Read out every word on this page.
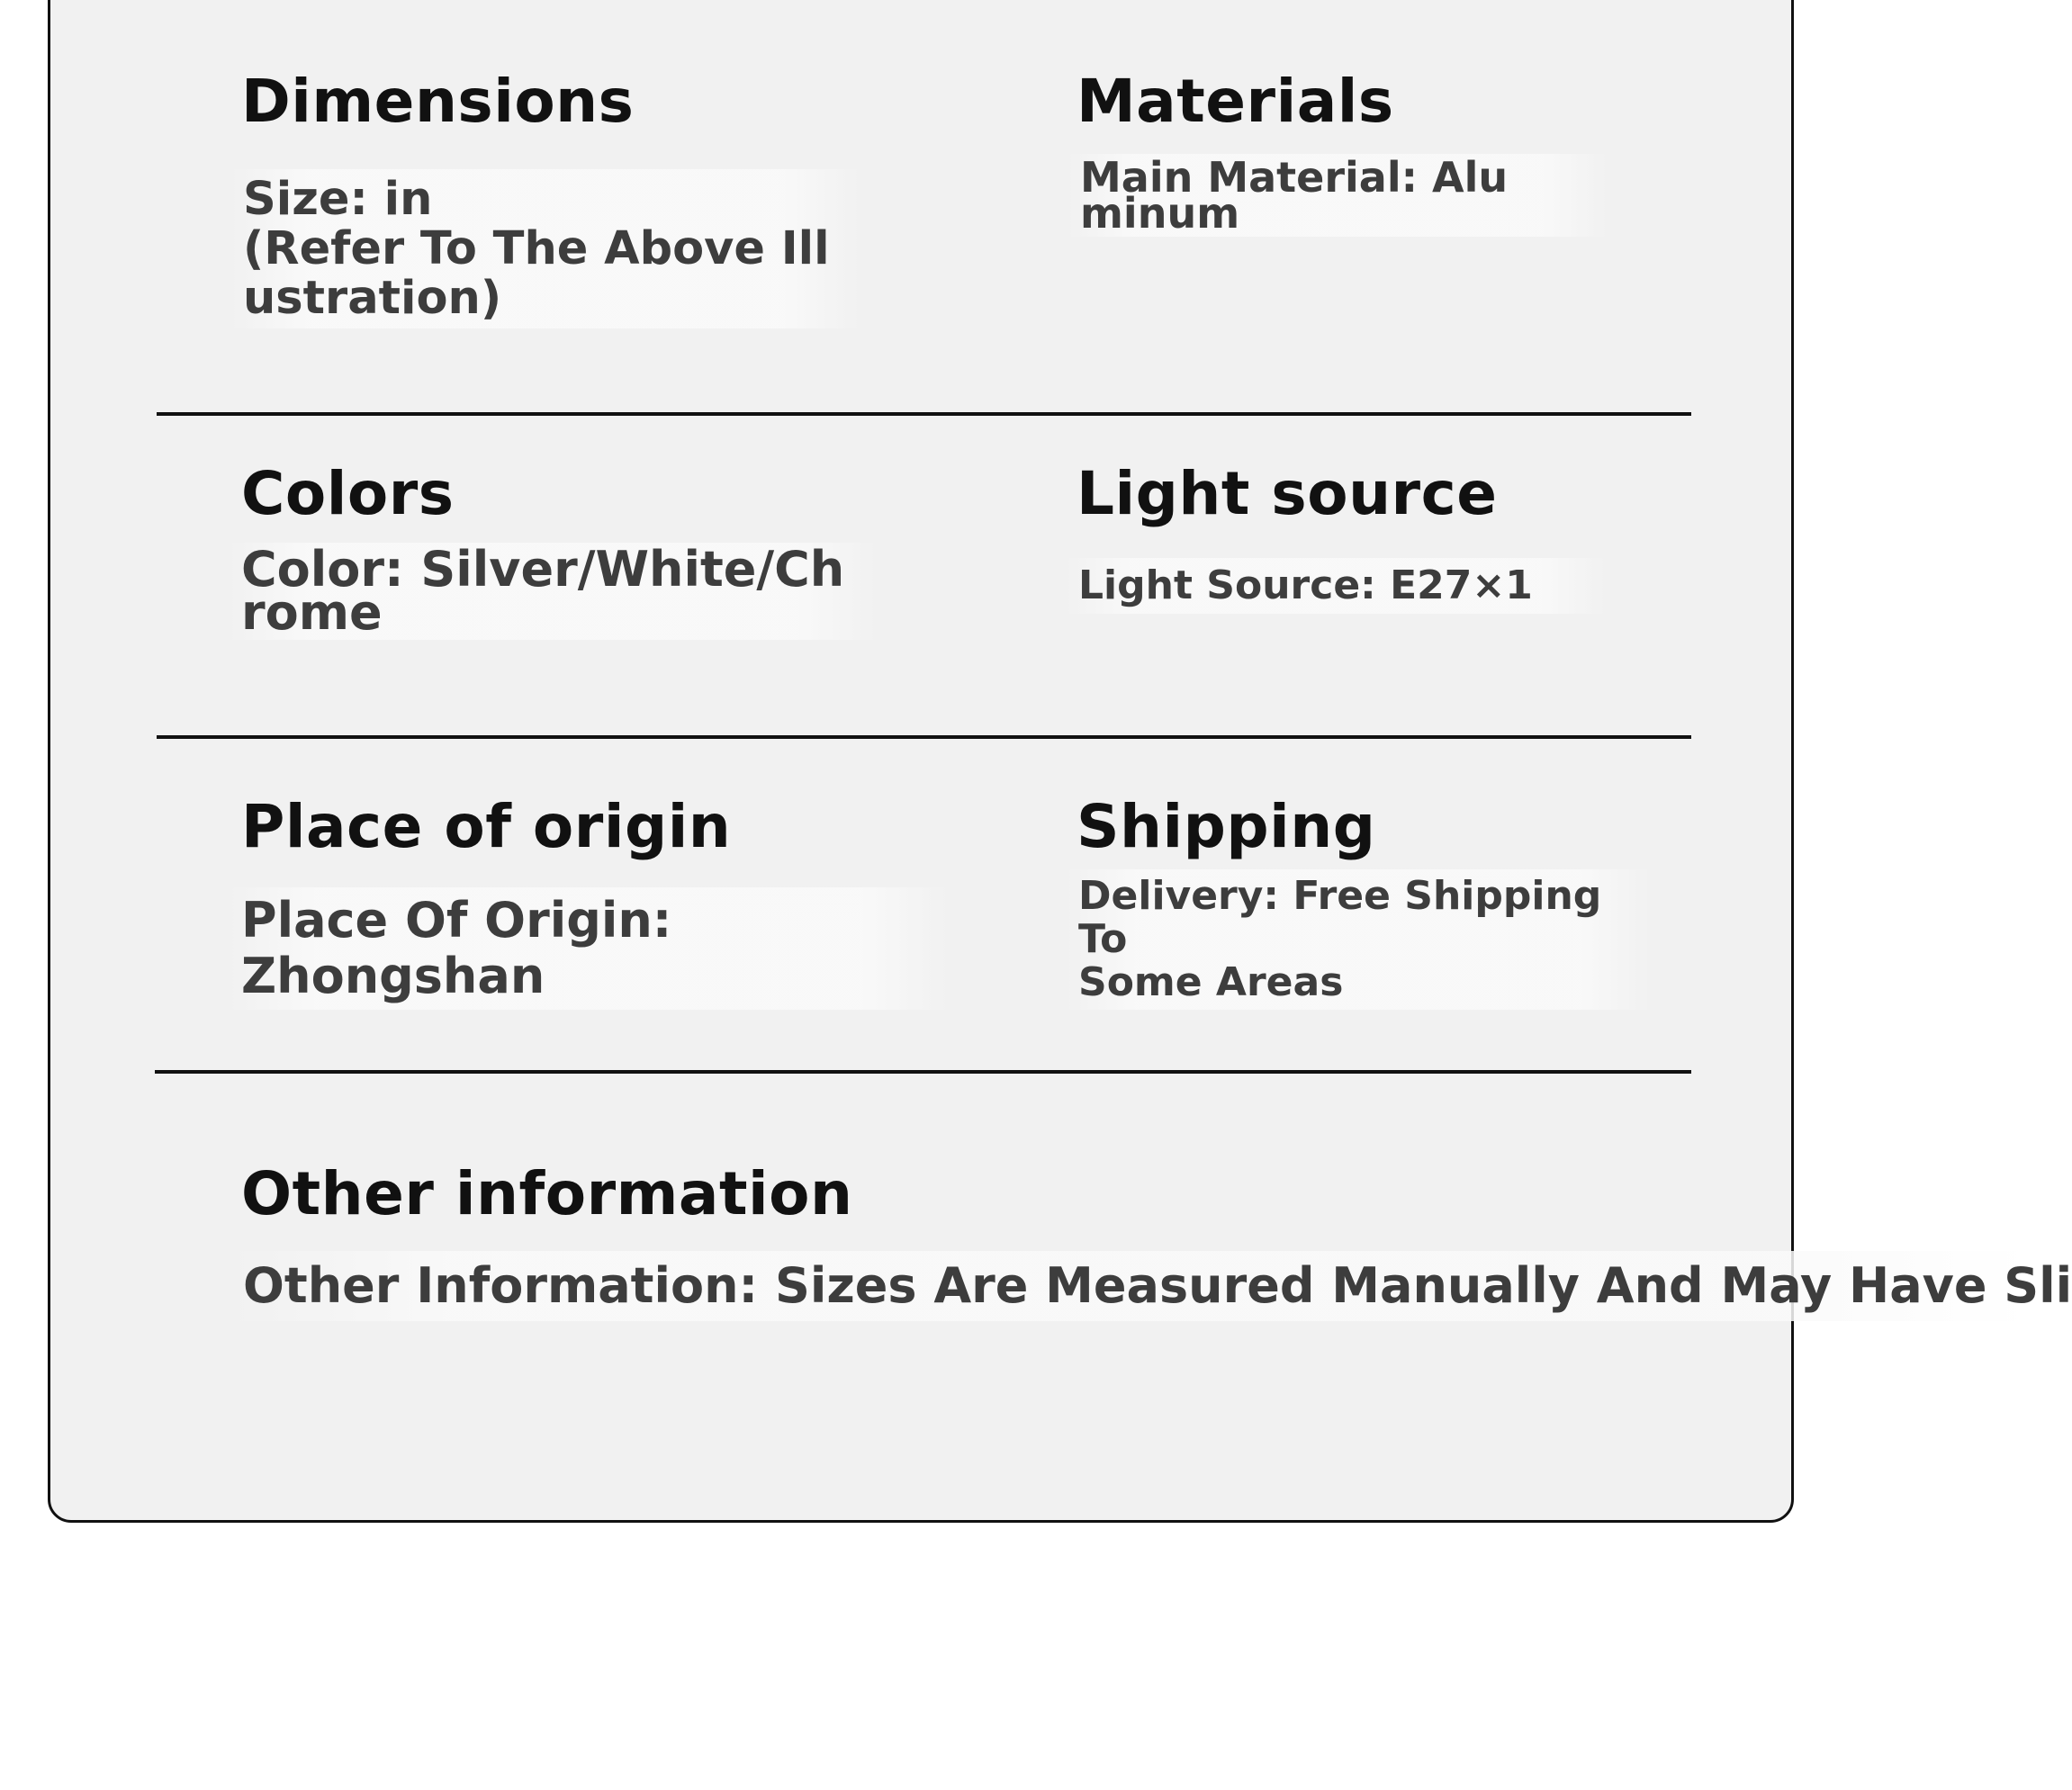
Dimensions

Size: in
(Refer To The Above Ill
ustration)

Materials

Main Material: Alu
minum

Colors

Color: Silver/White/Ch
rome

Light source

Light Source: E27×1

Place of origin

Place Of Origin: Zhongshan

Shipping

Delivery: Free Shipping To
Some Areas

Other information

Other Information: Sizes Are Measured Manually And May Have Sli
